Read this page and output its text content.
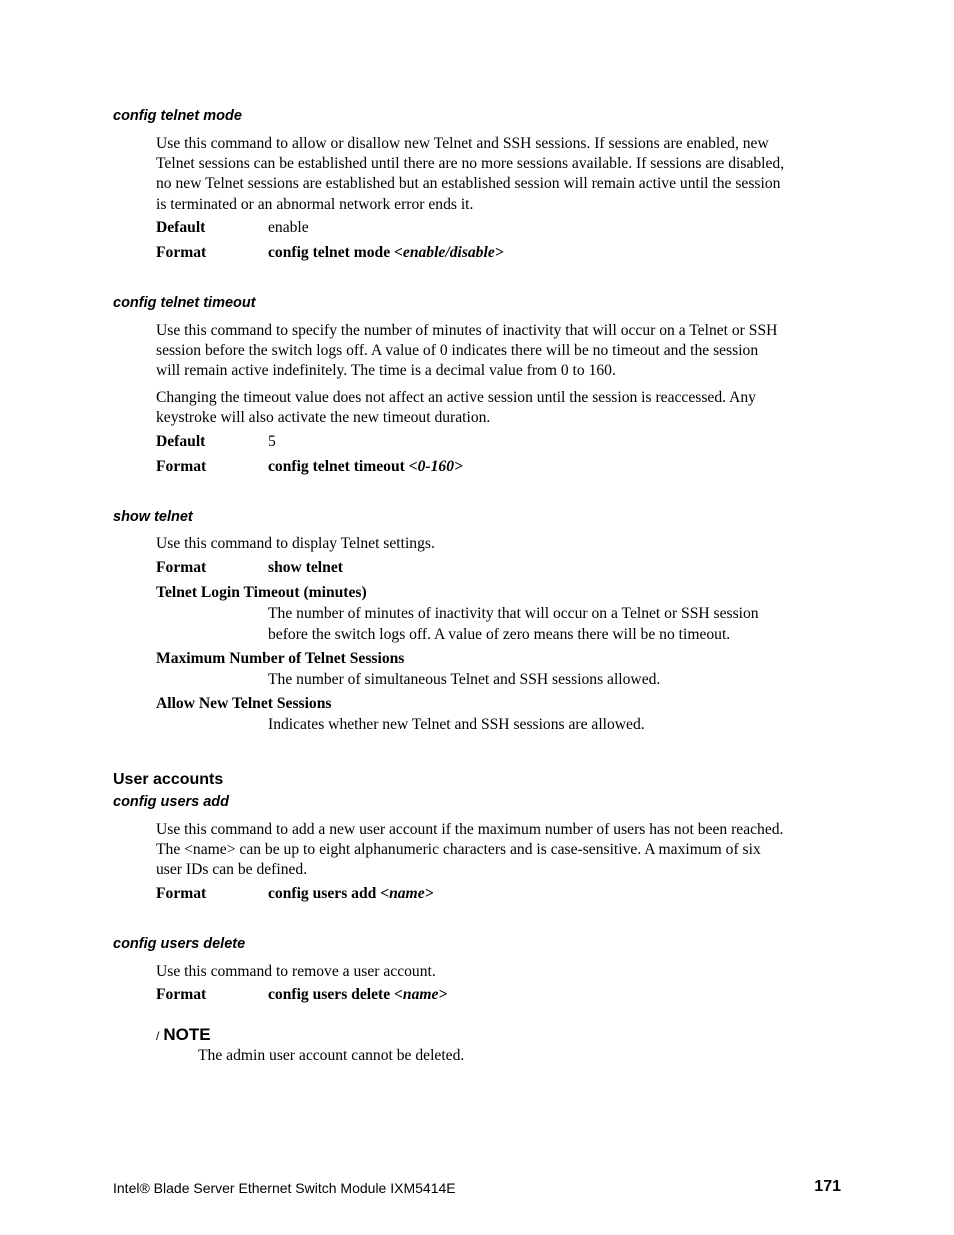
config telnet mode
Use this command to allow or disallow new Telnet and SSH sessions. If sessions are enabled, new
Telnet sessions can be established until there are no more sessions available. If sessions are disabled,
no new Telnet sessions are established but an established session will remain active until the session
is terminated or an abnormal network error ends it.
Default	enable
Format	config telnet mode <enable/disable>
config telnet timeout
Use this command to specify the number of minutes of inactivity that will occur on a Telnet or SSH
session before the switch logs off. A value of 0 indicates there will be no timeout and the session
will remain active indefinitely. The time is a decimal value from 0 to 160.
Changing the timeout value does not affect an active session until the session is reaccessed. Any
keystroke will also activate the new timeout duration.
Default	5
Format	config telnet timeout <0-160>
show telnet
Use this command to display Telnet settings.
Format	show telnet
Telnet Login Timeout (minutes)
The number of minutes of inactivity that will occur on a Telnet or SSH session
before the switch logs off. A value of zero means there will be no timeout.
Maximum Number of Telnet Sessions
The number of simultaneous Telnet and SSH sessions allowed.
Allow New Telnet Sessions
Indicates whether new Telnet and SSH sessions are allowed.
User accounts
config users add
Use this command to add a new user account if the maximum number of users has not been reached.
The <name> can be up to eight alphanumeric characters and is case-sensitive. A maximum of six
user IDs can be defined.
Format	config users add <name>
config users delete
Use this command to remove a user account.
Format	config users delete <name>
/ NOTE
The admin user account cannot be deleted.
Intel® Blade Server Ethernet Switch Module IXM5414E	171
